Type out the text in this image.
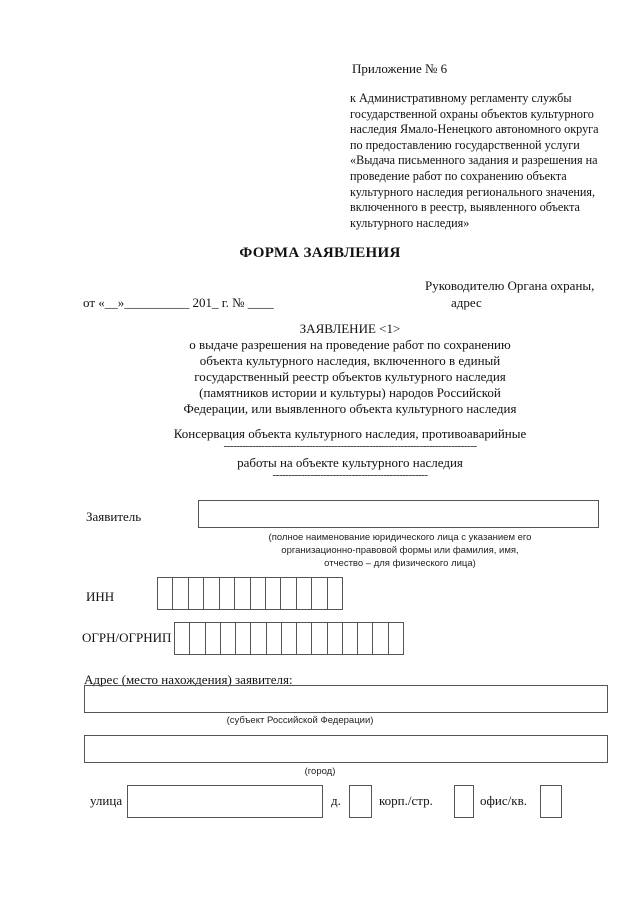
Приложение № 6
к Административному регламенту службы
государственной охраны объектов культурного
наследия Ямало-Ненецкого автономного округа
по предоставлению государственной услуги
«Выдача письменного задания и разрешения на
проведение работ по сохранению объекта
культурного наследия регионального значения,
включенного в реестр, выявленного объекта
культурного наследия»
ФОРМА ЗАЯВЛЕНИЯ
Руководителю Органа охраны,
адрес
от «__»__________ 201_ г. № ____
ЗАЯВЛЕНИЕ <1>
о выдаче разрешения на проведение работ по сохранению
объекта культурного наследия, включенного в единый
государственный реестр объектов культурного наследия
(памятников истории и культуры) народов Российской
Федерации, или выявленного объекта культурного наследия
Консервация объекта культурного наследия, противоаварийные
--------------------------------------------------------------------------------
работы на объекте культурного наследия
-------------------------------------------------
Заявитель
(полное наименование юридического лица с указанием его
организационно-правовой формы или фамилия, имя,
отчество – для физического лица)
ИНН
ОГРН/ОГРНИП
Адрес (место нахождения) заявителя:
(субъект Российской Федерации)
(город)
улица	д.	корп./стр.	офис/кв.
